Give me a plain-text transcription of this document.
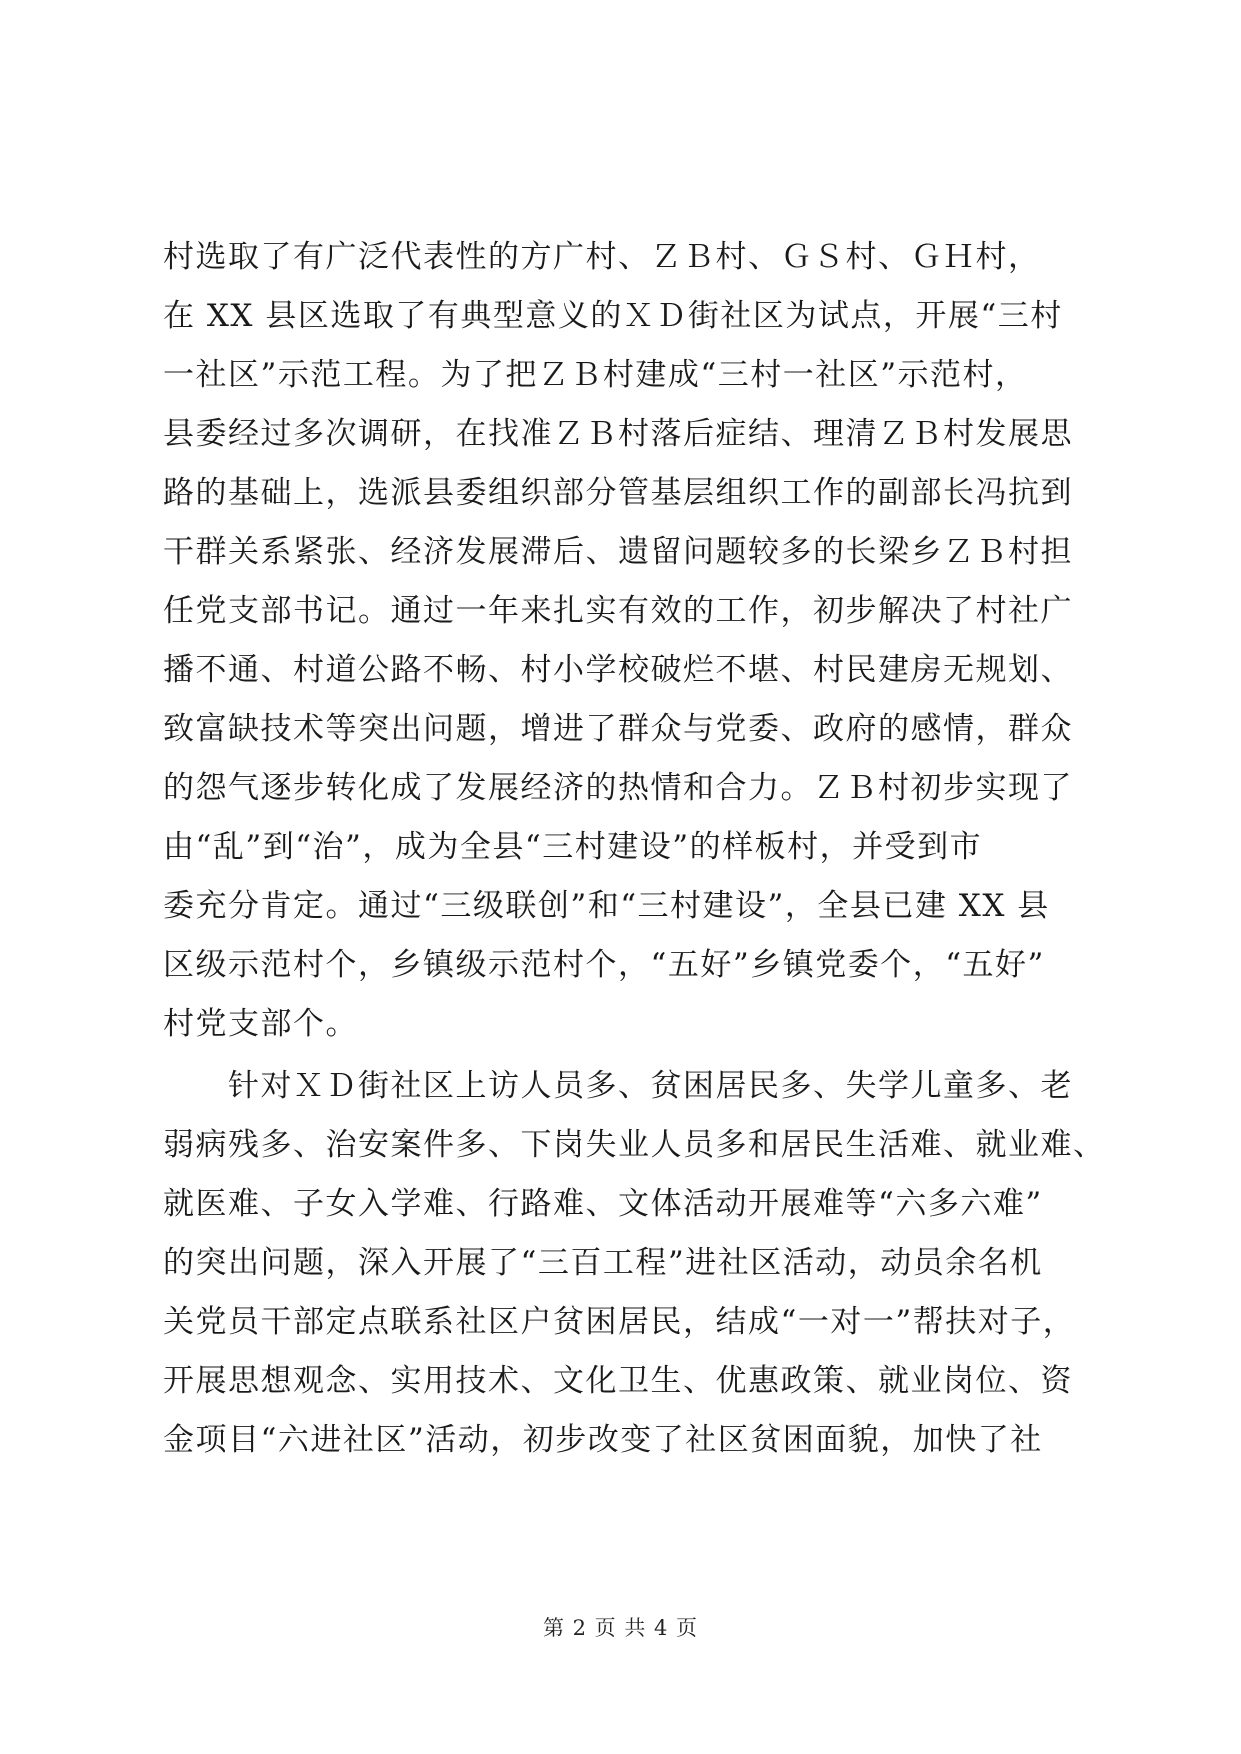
村选取了有广泛代表性的方广村、ＺＢ村、ＧＳ村、ＧＨ村，
在 XX 县区选取了有典型意义的ＸＤ街社区为试点，开展“三村
一社区”示范工程。为了把ＺＢ村建成“三村一社区”示范村，
县委经过多次调研，在找准ＺＢ村落后症结、理清ＺＢ村发展思
路的基础上，选派县委组织部分管基层组织工作的副部长冯抗到
干群关系紧张、经济发展滞后、遗留问题较多的长梁乡ＺＢ村担
任党支部书记。通过一年来扎实有效的工作，初步解决了村社广
播不通、村道公路不畅、村小学校破烂不堪、村民建房无规划、
致富缺技术等突出问题，增进了群众与党委、政府的感情，群众
的怨气逐步转化成了发展经济的热情和合力。ＺＢ村初步实现了
由“乱”到“治”，成为全县“三村建设”的样板村，并受到市
委充分肯定。通过“三级联创”和“三村建设”，全县已建 XX 县
区级示范村个，乡镇级示范村个，“五好”乡镇党委个，“五好”
村党支部个。
　　针对ＸＤ街社区上访人员多、贫困居民多、失学儿童多、老
弱病残多、治安案件多、下岗失业人员多和居民生活难、就业难、
就医难、子女入学难、行路难、文体活动开展难等“六多六难”
的突出问题，深入开展了“三百工程”进社区活动，动员余名机
关党员干部定点联系社区户贫困居民，结成“一对一”帮扶对子，
开展思想观念、实用技术、文化卫生、优惠政策、就业岗位、资
金项目“六进社区”活动，初步改变了社区贫困面貌，加快了社
第 2 页 共 4 页
